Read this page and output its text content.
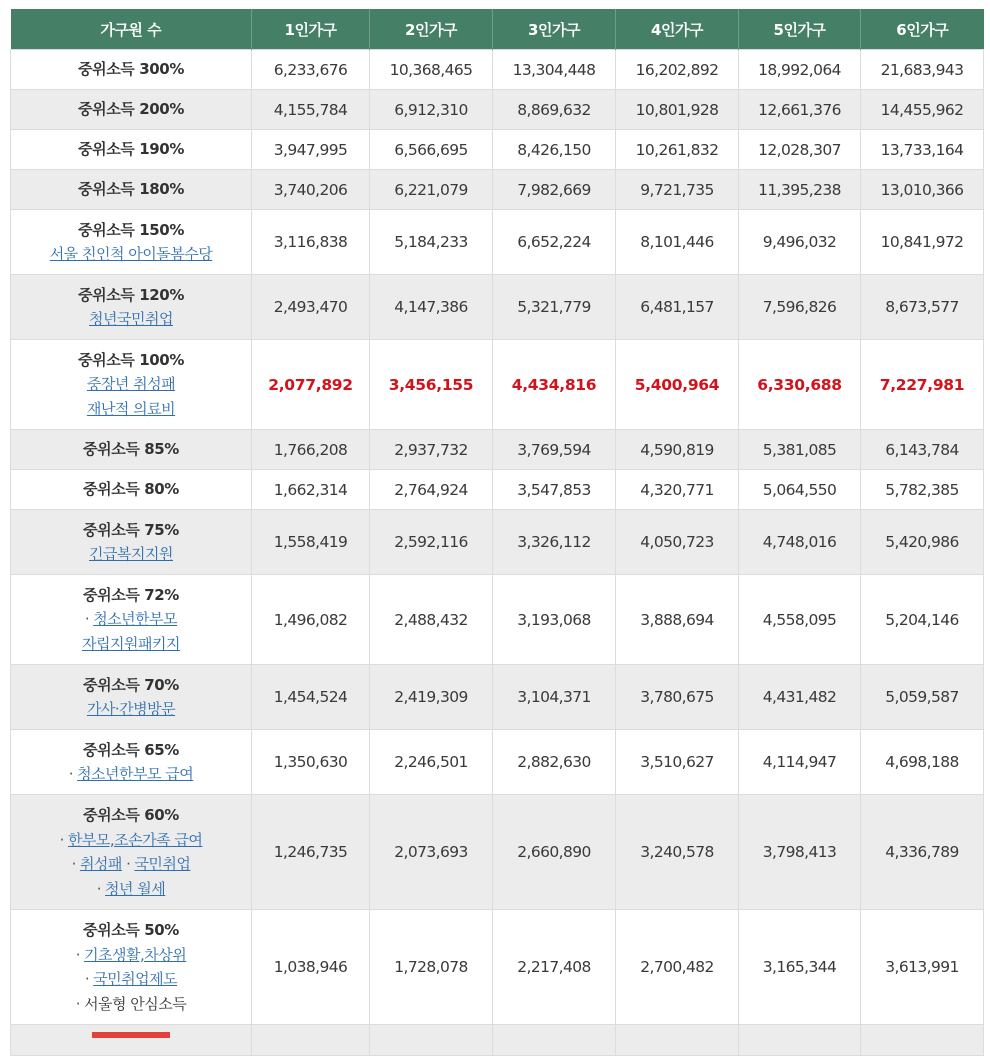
가구원 수	1인가구	2인가구	3인가구	4인가구	5인가구	6인가구
중위소득 300%	6,233,676	10,368,465	13,304,448	16,202,892	18,992,064	21,683,943
중위소득 200%	4,155,784	6,912,310	8,869,632	10,801,928	12,661,376	14,455,962
중위소득 190%	3,947,995	6,566,695	8,426,150	10,261,832	12,028,307	13,733,164
중위소득 180%	3,740,206	6,221,079	7,982,669	9,721,735	11,395,238	13,010,366

중위소득 150%
서울 친인척 아이돌봄수당	3,116,838	5,184,233	6,652,224	8,101,446	9,496,032	10,841,972

중위소득 120%
청년국민취업	2,493,470	4,147,386	5,321,779	6,481,157	7,596,826	8,673,577

중위소득 100%
중장년 취성패
재난적 의료비	2,077,892	3,456,155	4,434,816	5,400,964	6,330,688	7,227,981
중위소득 85%	1,766,208	2,937,732	3,769,594	4,590,819	5,381,085	6,143,784
중위소득 80%	1,662,314	2,764,924	3,547,853	4,320,771	5,064,550	5,782,385

중위소득 75%
긴급복지지원	1,558,419	2,592,116	3,326,112	4,050,723	4,748,016	5,420,986

중위소득 72%
· 청소년한부모
자립지원패키지	1,496,082	2,488,432	3,193,068	3,888,694	4,558,095	5,204,146

중위소득 70%
가사·간병방문	1,454,524	2,419,309	3,104,371	3,780,675	4,431,482	5,059,587

중위소득 65%
· 청소년한부모 급여	1,350,630	2,246,501	2,882,630	3,510,627	4,114,947	4,698,188

중위소득 60%
· 한부모,조손가족 급여
· 취성패 · 국민취업
· 청년 월세	1,246,735	2,073,693	2,660,890	3,240,578	3,798,413	4,336,789

중위소득 50%
· 기초생활,차상위
· 국민취업제도
· 서울형 안심소득	1,038,946	1,728,078	2,217,408	2,700,482	3,165,344	3,613,991
